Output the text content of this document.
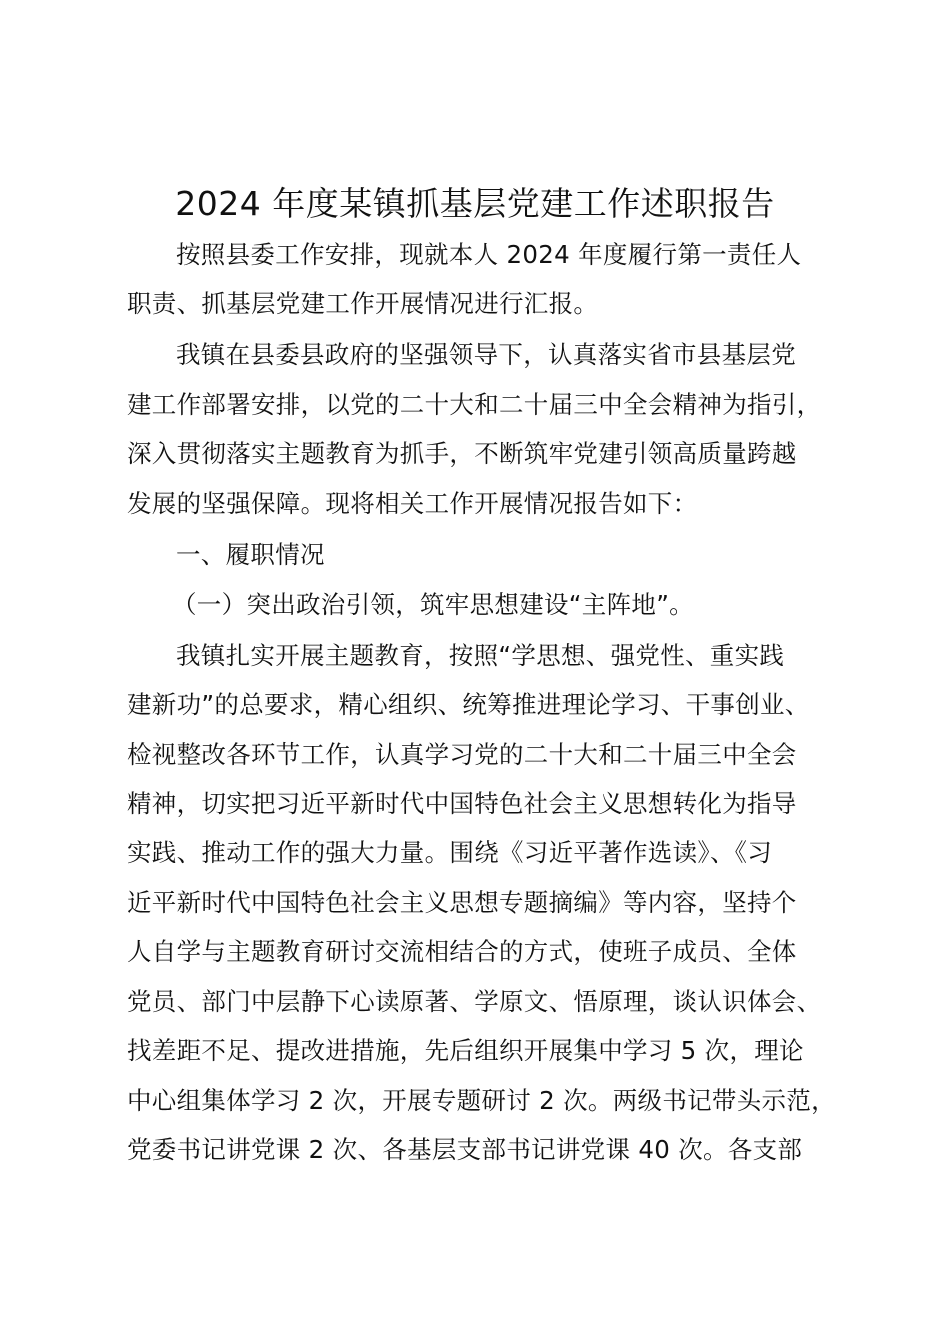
2024 年度某镇抓基层党建工作述职报告
按照县委工作安排，现就本人 2024 年度履行第一责任人
职责、抓基层党建工作开展情况进行汇报。
我镇在县委县政府的坚强领导下，认真落实省市县基层党
建工作部署安排，以党的二十大和二十届三中全会精神为指引，
深入贯彻落实主题教育为抓手，不断筑牢党建引领高质量跨越
发展的坚强保障。现将相关工作开展情况报告如下：
一、履职情况
（一）突出政治引领，筑牢思想建设“主阵地”。
我镇扎实开展主题教育，按照“学思想、强党性、重实践
建新功”的总要求，精心组织、统筹推进理论学习、干事创业、
检视整改各环节工作，认真学习党的二十大和二十届三中全会
精神，切实把习近平新时代中国特色社会主义思想转化为指导
实践、推动工作的强大力量。围绕《习近平著作选读》、《习
近平新时代中国特色社会主义思想专题摘编》等内容，坚持个
人自学与主题教育研讨交流相结合的方式，使班子成员、全体
党员、部门中层静下心读原著、学原文、悟原理，谈认识体会、
找差距不足、提改进措施，先后组织开展集中学习 5 次，理论
中心组集体学习 2 次，开展专题研讨 2 次。两级书记带头示范，
党委书记讲党课 2 次、各基层支部书记讲党课 40 次。各支部
